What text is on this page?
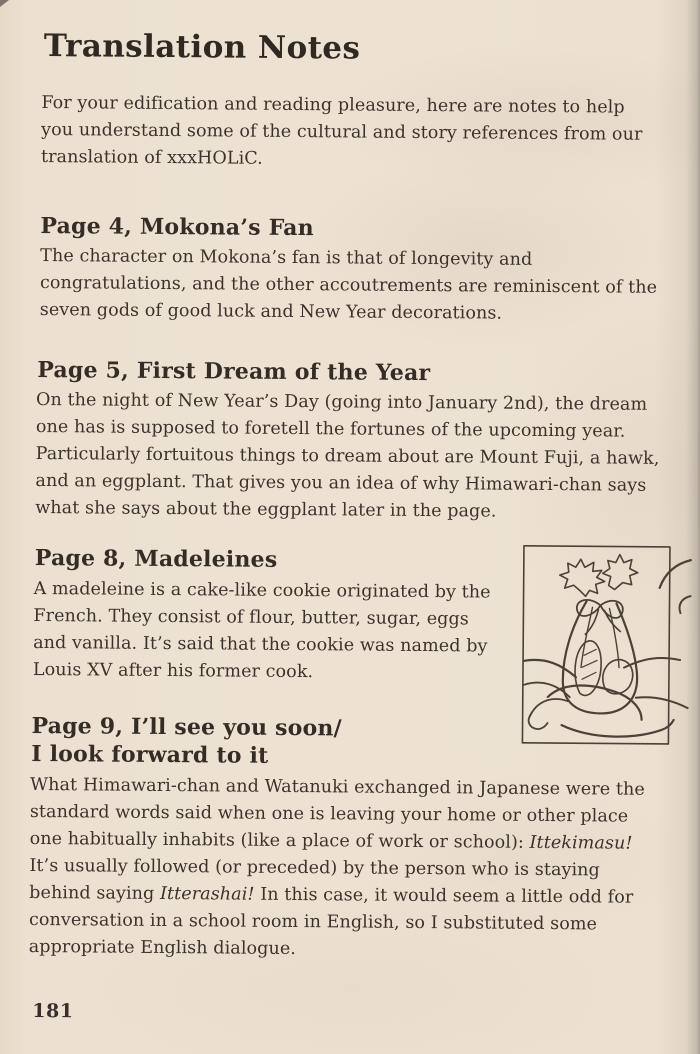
Translation Notes
For your edification and reading pleasure, here are notes to help
you understand some of the cultural and story references from our
translation of xxxHOLiC.
Page 4, Mokona’s Fan
The character on Mokona’s fan is that of longevity and
congratulations, and the other accoutrements are reminiscent of the
seven gods of good luck and New Year decorations.
Page 5, First Dream of the Year
On the night of New Year’s Day (going into January 2nd), the dream
one has is supposed to foretell the fortunes of the upcoming year.
Particularly fortuitous things to dream about are Mount Fuji, a hawk,
and an eggplant. That gives you an idea of why Himawari-chan says
what she says about the eggplant later in the page.
Page 8, Madeleines
A madeleine is a cake-like cookie originated by the
French. They consist of flour, butter, sugar, eggs
and vanilla. It’s said that the cookie was named by
Louis XV after his former cook.
Page 9, I’ll see you soon/
I look forward to it
What Himawari-chan and Watanuki exchanged in Japanese were the
standard words said when one is leaving your home or other place
one habitually inhabits (like a place of work or school): Ittekimasu!
It’s usually followed (or preceded) by the person who is staying
behind saying Itterashai! In this case, it would seem a little odd for
conversation in a school room in English, so I substituted some
appropriate English dialogue.
181
